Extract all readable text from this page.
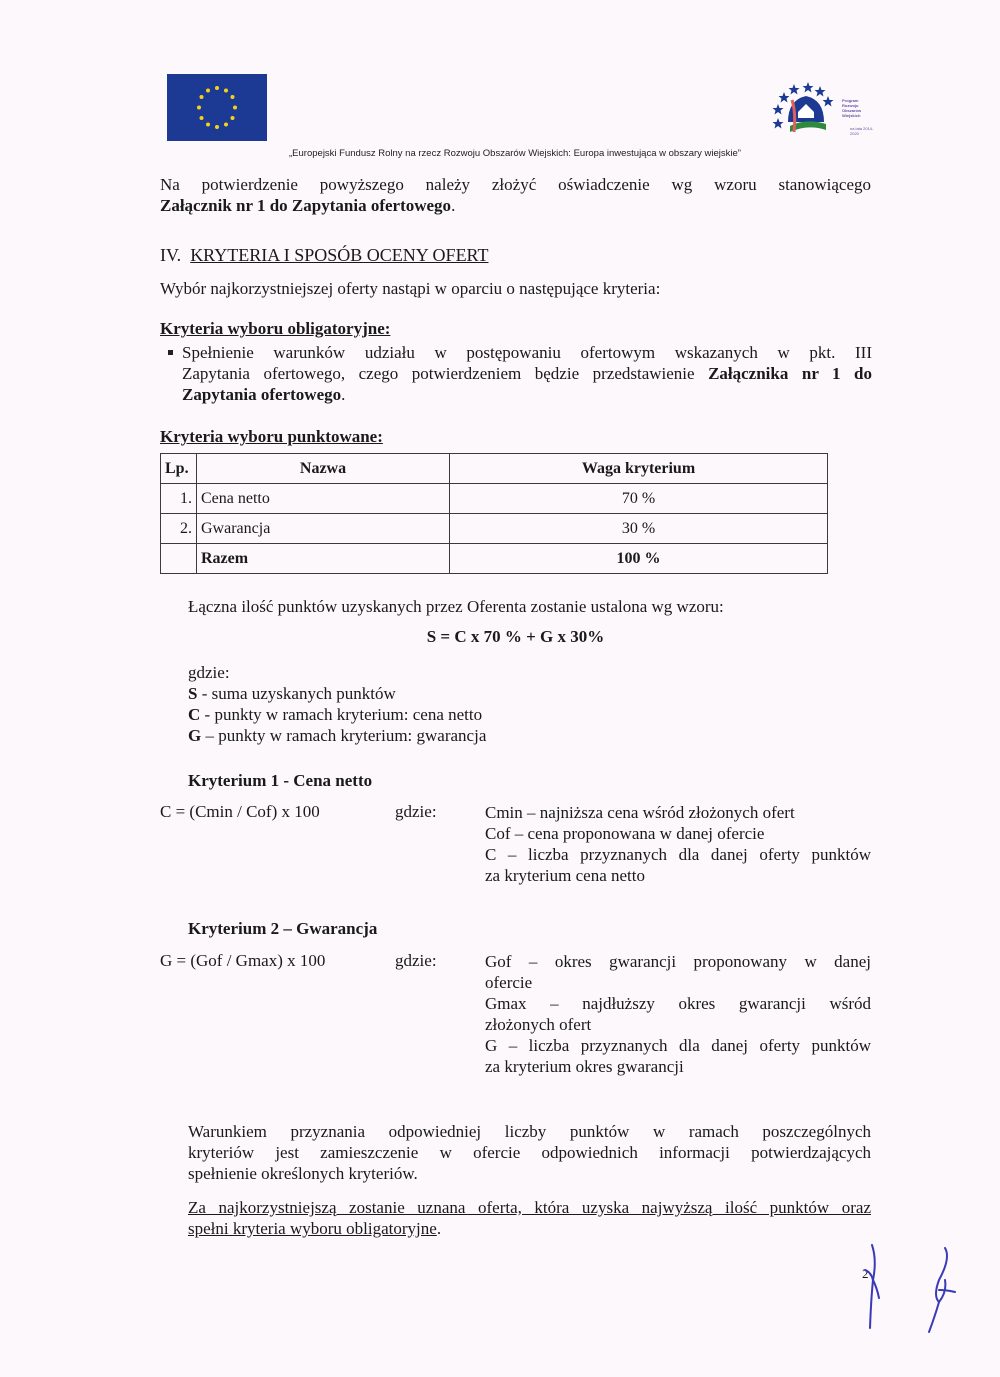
Program
Rozwoju
Obszarów
Wiejskich
na lata 2014-2020
„Europejski Fundusz Rolny na rzecz Rozwoju Obszarów Wiejskich: Europa inwestująca w obszary wiejskie”
Na potwierdzenie powyższego należy złożyć oświadczenie wg wzoru stanowiącego
Załącznik nr 1 do Zapytania ofertowego.
IV. KRYTERIA I SPOSÓB OCENY OFERT
Wybór najkorzystniejszej oferty nastąpi w oparciu o następujące kryteria:
Kryteria wyboru obligatoryjne:
Spełnienie warunków udziału w postępowaniu ofertowym wskazanych w pkt. III
Zapytania ofertowego, czego potwierdzeniem będzie przedstawienie Załącznika nr 1 do
Zapytania ofertowego.
Kryteria wyboru punktowane:
Lp.	Nazwa	Waga kryterium
1.	Cena netto	70 %
2.	Gwarancja	30 %
	Razem	100 %
Łączna ilość punktów uzyskanych przez Oferenta zostanie ustalona wg wzoru:
S = C x 70 % + G x 30%
gdzie:
S - suma uzyskanych punktów
C - punkty w ramach kryterium: cena netto
G – punkty w ramach kryterium: gwarancja
Kryterium 1 - Cena netto
C = (Cmin / Cof) x 100	gdzie:	Cmin – najniższa cena wśród złożonych ofert
Cof – cena proponowana w danej ofercie
C – liczba przyznanych dla danej oferty punktów
za kryterium cena netto
Kryterium 2 – Gwarancja
G = (Gof / Gmax) x 100	gdzie:	Gof – okres gwarancji proponowany w danej
ofercie
Gmax – najdłuższy okres gwarancji wśród
złożonych ofert
G – liczba przyznanych dla danej oferty punktów
za kryterium okres gwarancji
Warunkiem przyznania odpowiedniej liczby punktów w ramach poszczególnych
kryteriów jest zamieszczenie w ofercie odpowiednich informacji potwierdzających
spełnienie określonych kryteriów.
Za najkorzystniejszą zostanie uznana oferta, która uzyska najwyższą ilość punktów oraz
spełni kryteria wyboru obligatoryjne.
2
